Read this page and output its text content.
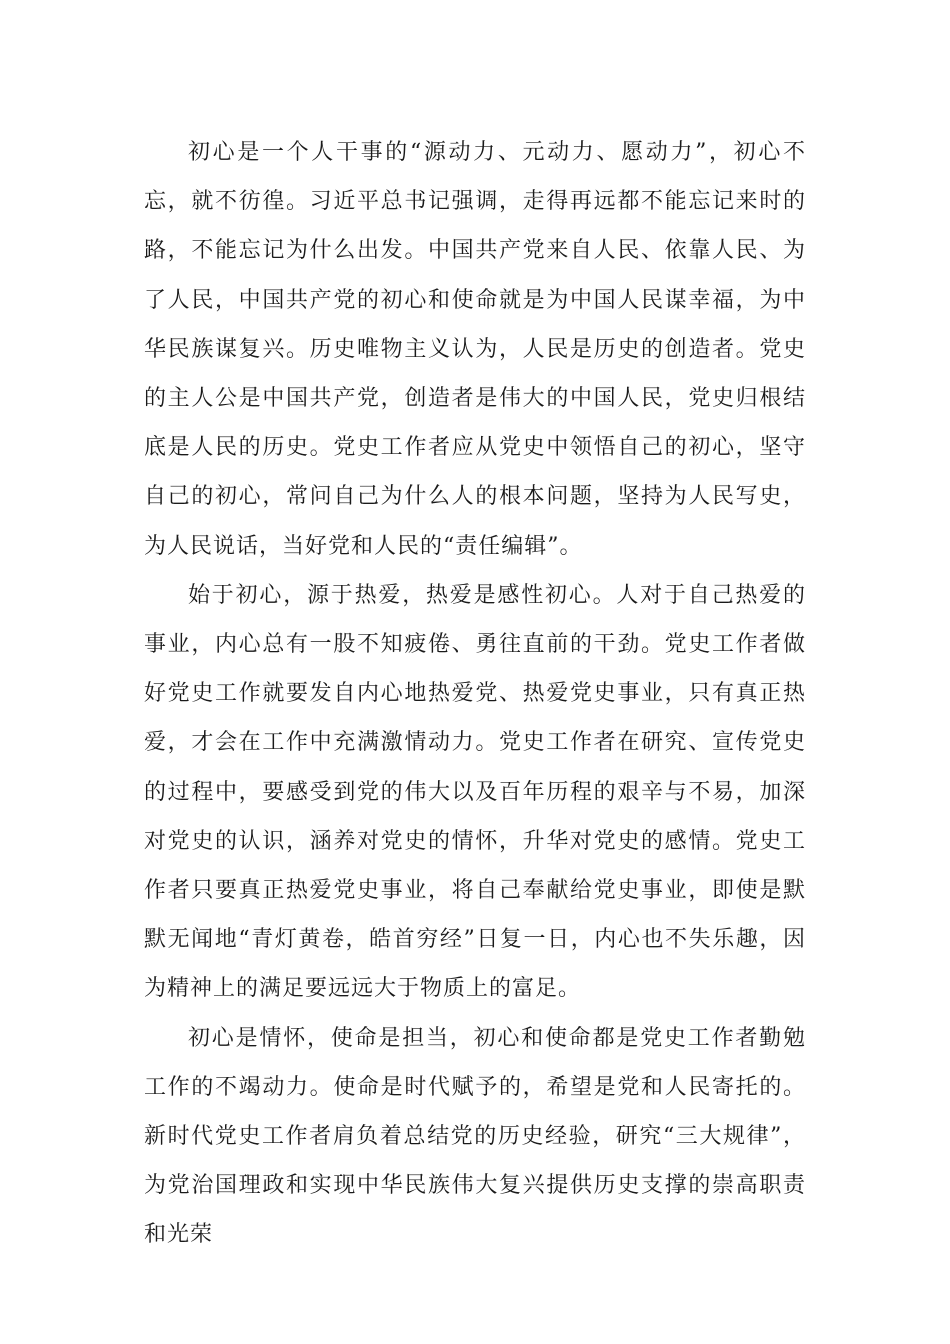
初心是一个人干事的“源动力、元动力、愿动力”，初心不忘，就不彷徨。习近平总书记强调，走得再远都不能忘记来时的路，不能忘记为什么出发。中国共产党来自人民、依靠人民、为了人民，中国共产党的初心和使命就是为中国人民谋幸福，为中华民族谋复兴。历史唯物主义认为，人民是历史的创造者。党史的主人公是中国共产党，创造者是伟大的中国人民，党史归根结底是人民的历史。党史工作者应从党史中领悟自己的初心，坚守自己的初心，常问自己为什么人的根本问题，坚持为人民写史，为人民说话，当好党和人民的“责任编辑”。

始于初心，源于热爱，热爱是感性初心。人对于自己热爱的事业，内心总有一股不知疲倦、勇往直前的干劲。党史工作者做好党史工作就要发自内心地热爱党、热爱党史事业，只有真正热爱，才会在工作中充满激情动力。党史工作者在研究、宣传党史的过程中，要感受到党的伟大以及百年历程的艰辛与不易，加深对党史的认识，涵养对党史的情怀，升华对党史的感情。党史工作者只要真正热爱党史事业，将自己奉献给党史事业，即使是默默无闻地“青灯黄卷，皓首穷经”日复一日，内心也不失乐趣，因为精神上的满足要远远大于物质上的富足。

初心是情怀，使命是担当，初心和使命都是党史工作者勤勉工作的不竭动力。使命是时代赋予的，希望是党和人民寄托的。新时代党史工作者肩负着总结党的历史经验，研究“三大规律”，为党治国理政和实现中华民族伟大复兴提供历史支撑的崇高职责和光荣
